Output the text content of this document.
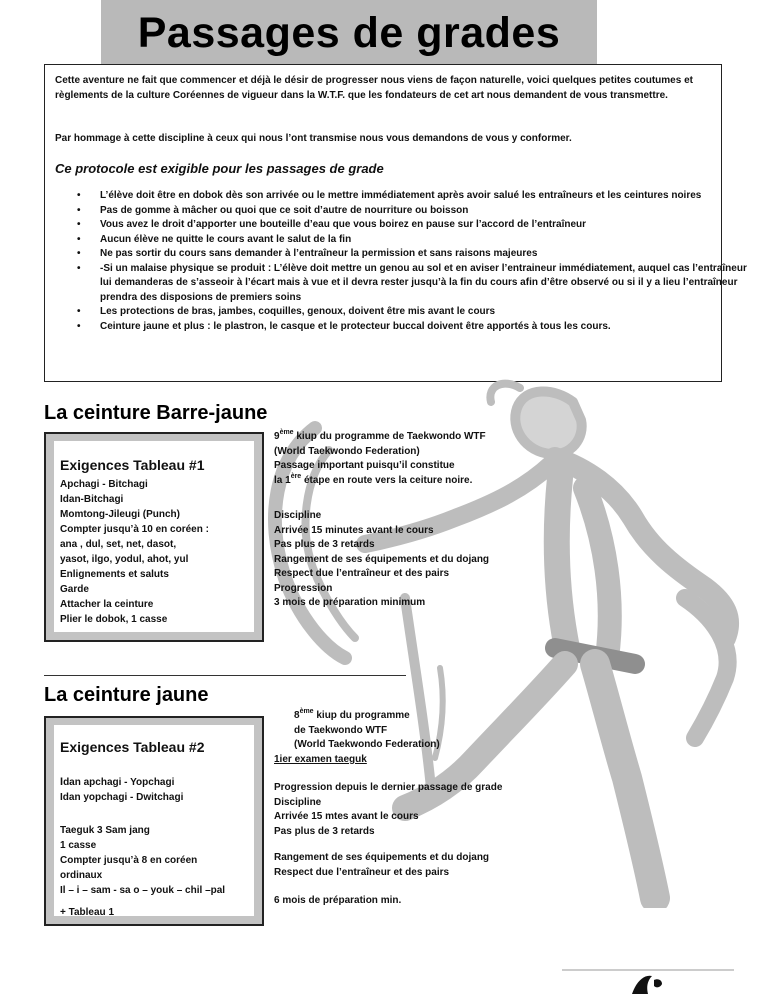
Passages de grades

Cette aventure ne fait que commencer et déjà le désir de progresser nous viens de façon naturelle, voici quelques petites coutumes et règlements de la culture Coréennes de vigueur dans la W.T.F. que les fondateurs de cet art nous demandent de vous transmettre.

Par hommage à cette discipline à ceux qui nous l’ont transmise nous vous demandons de vous y conformer.

Ce protocole est exigible pour les passages de grade
• L’élève doit être en dobok dès son arrivée ou le mettre immédiatement après avoir salué les entraîneurs et les ceintures noires
• Pas de gomme à mâcher ou quoi que ce soit d’autre de nourriture ou boisson
• Vous avez le droit d’apporter une bouteille d’eau que vous boirez en pause sur l’accord de l’entraîneur
• Aucun élève ne quitte le cours avant le salut de la fin
• Ne pas sortir du cours sans demander à l’entraîneur la permission et sans raisons majeures
• -Si un malaise physique se produit : L’élève doit mettre un genou au sol et en aviser l’entraineur immédiatement, auquel cas l’entraîneur lui demanderas de s’asseoir à l’écart mais à vue et il devra rester jusqu’à la fin du cours afin d’être observé ou si il y a lieu l’entraîneur prendra des disposions de premiers soins
• Les protections de bras, jambes, coquilles, genoux, doivent être mis avant le cours
• Ceinture jaune et plus : le plastron, le casque et le protecteur buccal doivent être apportés à tous les cours.
La ceinture Barre-jaune
Exigences Tableau #1
Apchagi - Bitchagi
Idan-Bitchagi
Momtong-Jileugi (Punch)
Compter jusqu’à 10 en coréen :
ana , dul, set, net, dasot,
yasot, ilgo, yodul, ahot, yul
Enlignements et saluts
Garde
Attacher la ceinture
Plier le dobok, 1 casse
9ème kiup du programme de Taekwondo WTF
(World Taekwondo Federation)
Passage important puisqu’il constitue
la 1ère étape en route vers la ceiture noire.
Discipline
Arrivée 15 minutes avant le cours
Pas plus de 3 retards
Rangement de ses équipements et du dojang
Respect due l’entraîneur et des pairs
Progression
3 mois de préparation minimum
La ceinture jaune
Exigences Tableau #2
Idan apchagi - Yopchagi
Idan yopchagi - Dwitchagi
Taeguk 3 Sam jang
1 casse
Compter jusqu’à 8 en coréen
ordinaux
Il – i – sam - sa o – youk – chil –pal
+ Tableau 1
8ème kiup du programme
de Taekwondo WTF
(World Taekwondo Federation)
1ier examen taeguk
Progression depuis le dernier passage de grade
Discipline
Arrivée 15 mtes avant le cours
Pas plus de 3 retards
Rangement de ses équipements et du dojang
Respect due l’entraîneur et des pairs
6 mois de préparation min.
